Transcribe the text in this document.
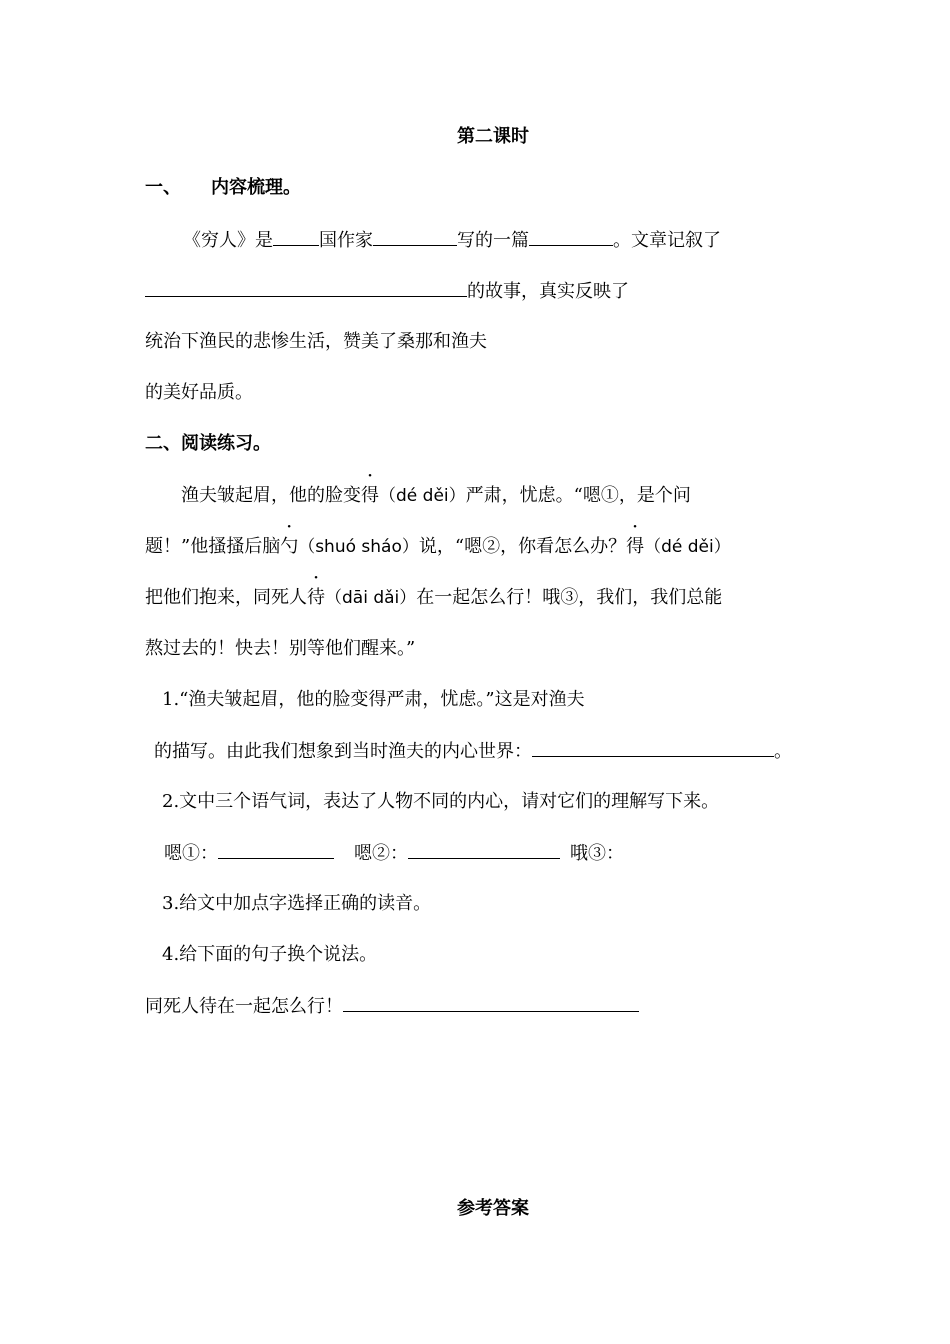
第二课时
一、 内容梳理。
《穷人》是	国作家	写的一篇	。文章记叙了
的故事，真实反映了
统治下渔民的悲惨生活，赞美了桑那和渔夫
的美好品质。
二、阅读练习。
渔夫皱起眉，他的脸变得（dé děi）严肃，忧虑。“嗯①，是个问
题！”他搔搔后脑勺（shuó sháo）说，“嗯②，你看怎么办？得（dé děi）
把他们抱来，同死人待（dāi dǎi）在一起怎么行！哦③，我们，我们总能
熬过去的！快去！别等他们醒来。”
1.“渔夫皱起眉，他的脸变得严肃，忧虑。”这是对渔夫
的描写。由此我们想象到当时渔夫的内心世界：	。
2.文中三个语气词，表达了人物不同的内心，请对它们的理解写下来。
嗯①：	嗯②：	哦③：
3.给文中加点字选择正确的读音。
4.给下面的句子换个说法。
同死人待在一起怎么行！
参考答案
